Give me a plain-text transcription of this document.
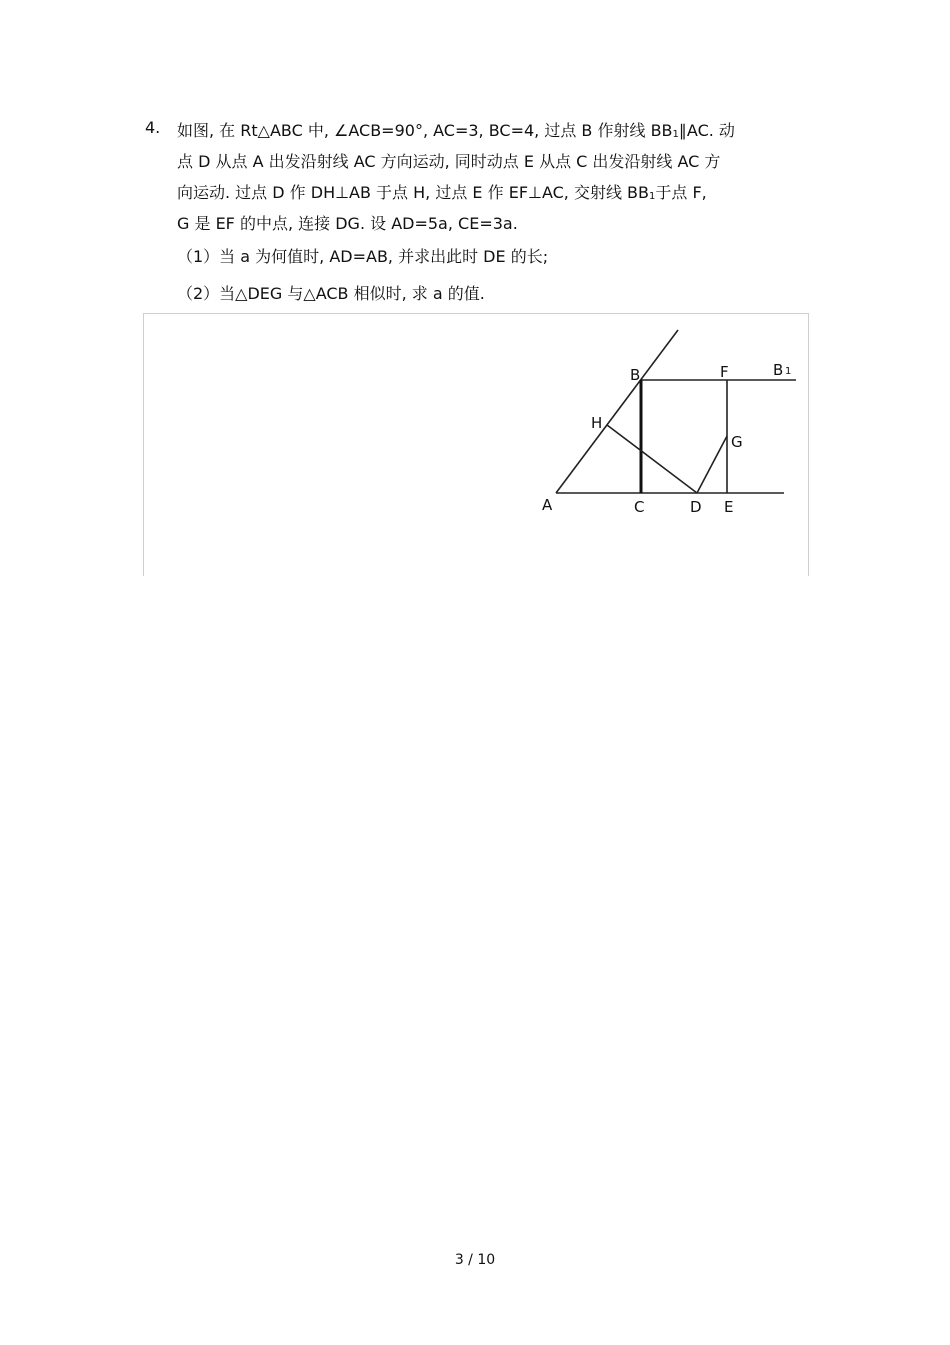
4. 如图, 在 Rt△ABC 中, ∠ACB=90°, AC=3, BC=4, 过点 B 作射线 $BB_1\parallel AC$. 动
点 D 从点 A 出发沿射线 AC 方向运动, 同时动点 E 从点 C 出发沿射线 AC 方
向运动. 过点 D 作 DH⊥AB 于点 H, 过点 E 作 EF⊥AC, 交射线 $BB_1$于点 F,
G 是 EF 的中点, 连接 DG. 设 AD=5a, CE=3a.
（1）当 a 为何值时, AD=AB, 并求出此时 DE 的长;
（2）当△DEG 与△ACB 相似时, 求 a 的值.
A
B
C	D E
F
G
H
B 1
3 / 10
